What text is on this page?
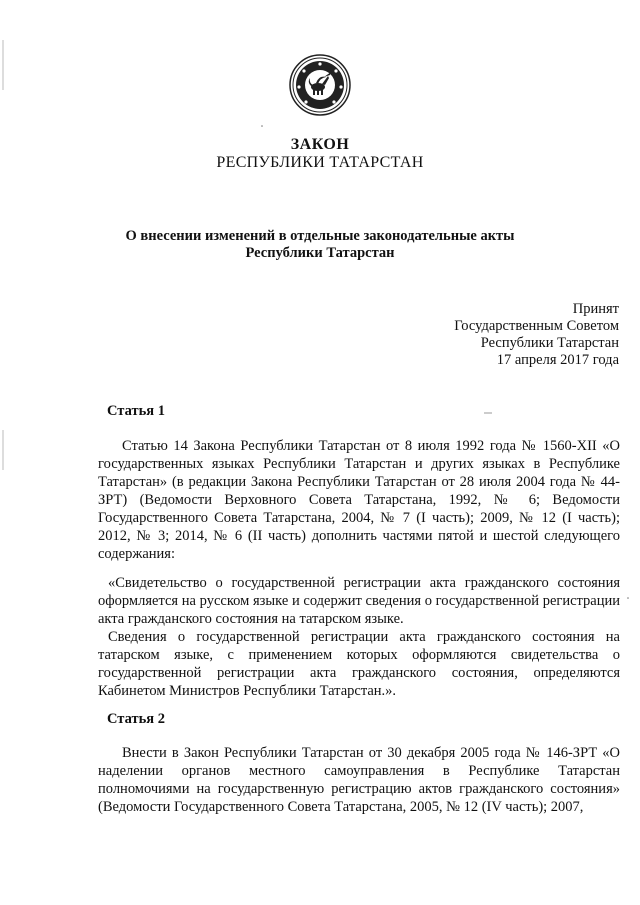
ЗАКОН
РЕСПУБЛИКИ ТАТАРСТАН
О внесении изменений в отдельные законодательные акты
Республики Татарстан
Принят
Государственным Советом
Республики Татарстан
17 апреля 2017 года
Статья 1

Статью 14 Закона Республики Татарстан от 8 июля 1992 года № 1560-XII «О государственных языках Республики Татарстан и других языках в Республике Татарстан» (в редакции Закона Республики Татарстан от 28 июля 2004 года № 44-ЗРТ) (Ведомости Верховного Совета Татарстана, 1992, № 6; Ведомости Государственного Совета Татарстана, 2004, № 7 (I часть); 2009, № 12 (I часть); 2012, № 3; 2014, № 6 (II часть) дополнить частями пятой и шестой следующего содержания:

«Свидетельство о государственной регистрации акта гражданского состояния оформляется на русском языке и содержит сведения о государственной регистрации акта гражданского состояния на татарском языке.

Сведения о государственной регистрации акта гражданского состояния на татарском языке, с применением которых оформляются свидетельства о государственной регистрации акта гражданского состояния, определяются Кабинетом Министров Республики Татарстан.».

Статья 2

Внести в Закон Республики Татарстан от 30 декабря 2005 года № 146-ЗРТ «О наделении органов местного самоуправления в Республике Татарстан полномочиями на государственную регистрацию актов гражданского состояния» (Ведомости Государственного Совета Татарстана, 2005, № 12 (IV часть); 2007,
